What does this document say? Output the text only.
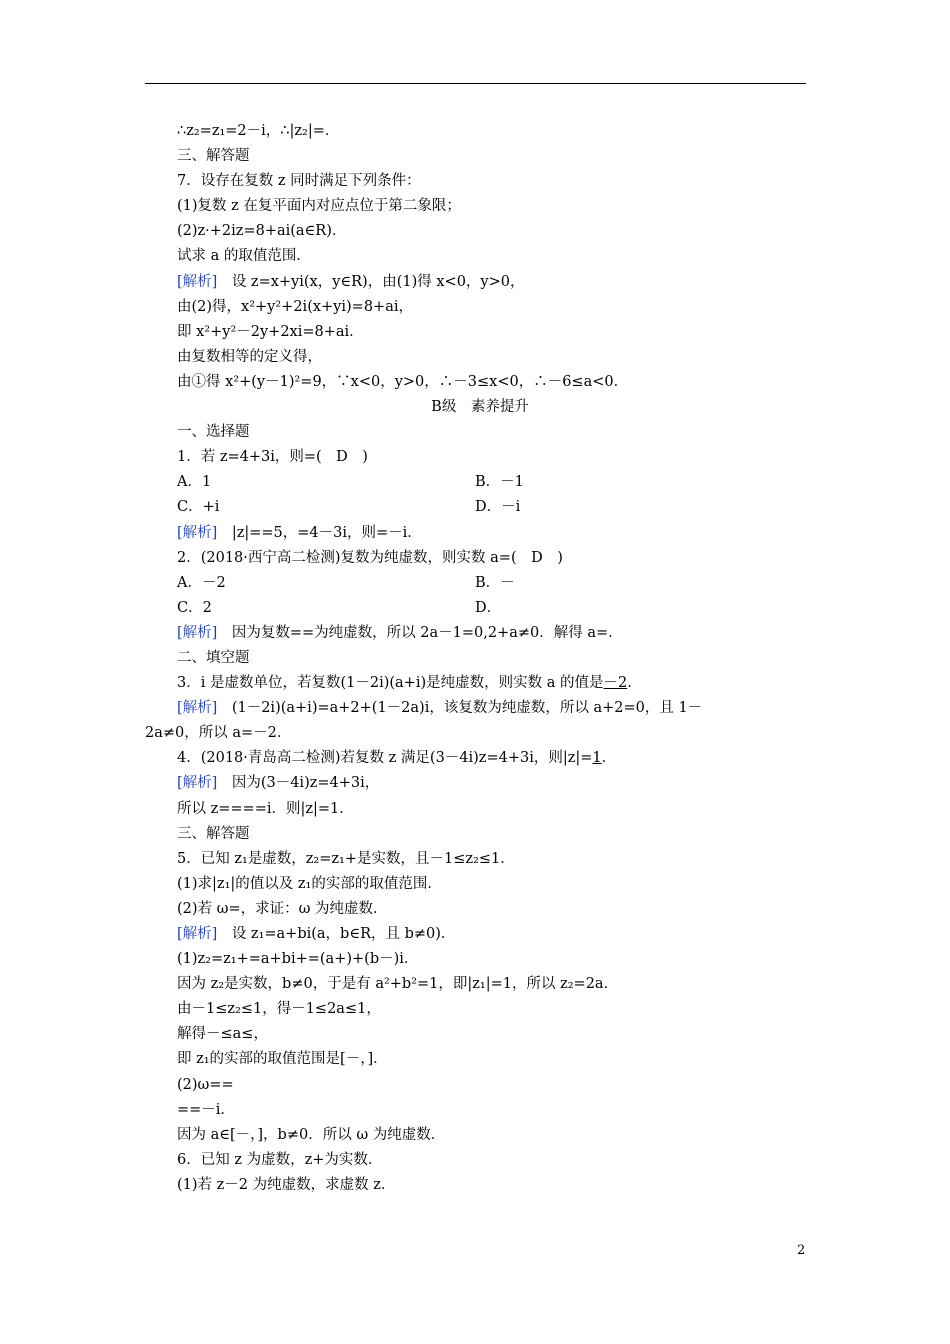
∴z₂=z₁=2－i，∴|z₂|=．
三、解答题
7．设存在复数 z 同时满足下列条件：
(1)复数 z 在复平面内对应点位于第二象限；
(2)z·+2iz=8+ai(a∈R)．
试求 a 的取值范围．
[解析]　设 z=x+yi(x，y∈R)，由(1)得 x<0，y>0，
由(2)得，x²+y²+2i(x+yi)=8+ai，
即 x²+y²－2y+2xi=8+ai．
由复数相等的定义得，
由①得 x²+(y－1)²=9，∵x<0，y>0，∴－3≤x<0，∴－6≤a<0．
B级　素养提升
一、选择题
1．若 z=4+3i，则=(　D　)
A．1	B．－1
C．+i	D．－i
[解析]　|z|==5，=4－3i，则=－i．
2．(2018·西宁高二检测)复数为纯虚数，则实数 a=(　D　)
A．－2	B．－
C．2	D．
[解析]　因为复数==为纯虚数，所以 2a－1=0,2+a≠0．解得 a=．
二、填空题
3．i 是虚数单位，若复数(1－2i)(a+i)是纯虚数，则实数 a 的值是－2．
[解析]　(1－2i)(a+i)=a+2+(1－2a)i，该复数为纯虚数，所以 a+2=0，且 1－
2a≠0，所以 a=－2．
4．(2018·青岛高二检测)若复数 z 满足(3－4i)z=4+3i，则|z|=1．
[解析]　因为(3－4i)z=4+3i，
所以 z====i．则|z|=1．
三、解答题
5．已知 z₁是虚数，z₂=z₁+是实数，且－1≤z₂≤1．
(1)求|z₁|的值以及 z₁的实部的取值范围．
(2)若 ω=，求证：ω 为纯虚数．
[解析]　设 z₁=a+bi(a，b∈R，且 b≠0)．
(1)z₂=z₁+=a+bi+=(a+)+(b－)i．
因为 z₂是实数，b≠0，于是有 a²+b²=1，即|z₁|=1，所以 z₂=2a．
由－1≤z₂≤1，得－1≤2a≤1，
解得－≤a≤，
即 z₁的实部的取值范围是[－，]．
(2)ω==
==－i．
因为 a∈[－，]，b≠0．所以 ω 为纯虚数．
6．已知 z 为虚数，z+为实数．
(1)若 z－2 为纯虚数，求虚数 z．
2
